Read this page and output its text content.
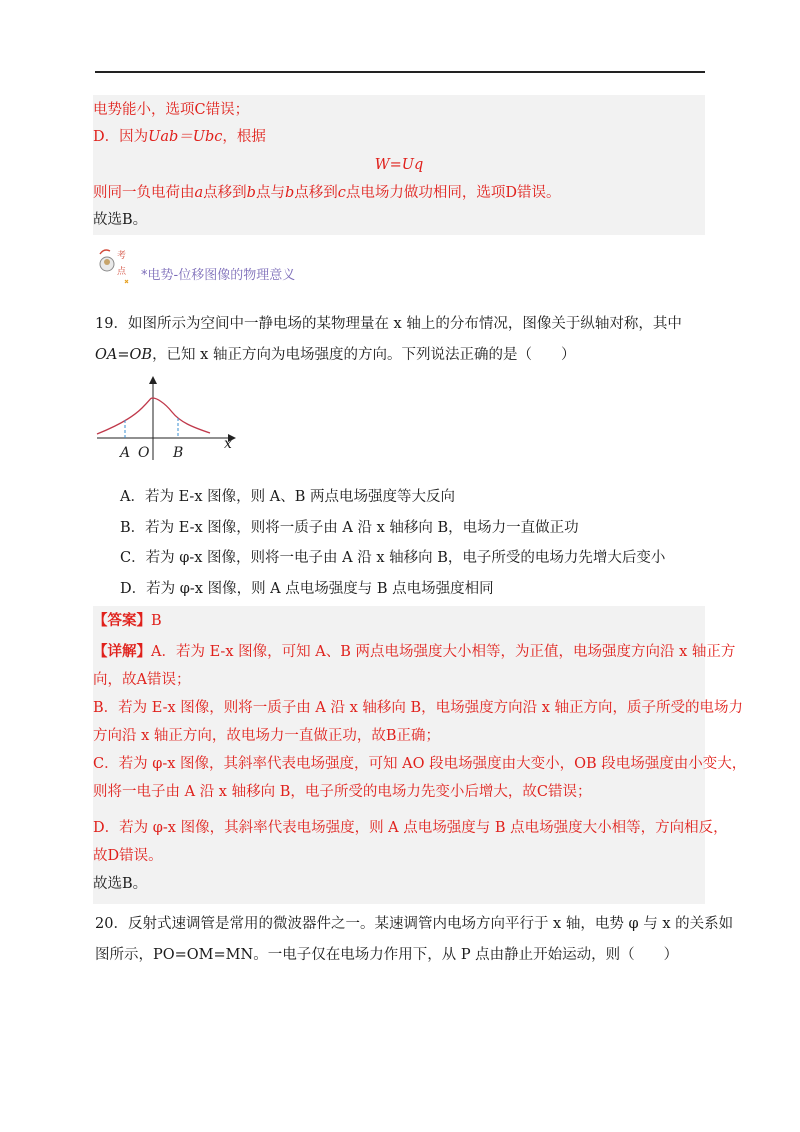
电势能小，选项C错误；
D．因为Uab＝Ubc，根据
W=Uq
则同一负电荷由a点移到b点与b点移到c点电场力做功相同，选项D错误。
故选B。
考
点 *电势-位移图像的物理意义
19．如图所示为空间中一静电场的某物理量在 x 轴上的分布情况，图像关于纵轴对称，其中
OA=OB，已知 x 轴正方向为电场强度的方向。下列说法正确的是（　　）
A O B
x
A．若为 E-x 图像，则 A、B 两点电场强度等大反向
B．若为 E-x 图像，则将一质子由 A 沿 x 轴移向 B，电场力一直做正功
C．若为 φ-x 图像，则将一电子由 A 沿 x 轴移向 B，电子所受的电场力先增大后变小
D．若为 φ-x 图像，则 A 点电场强度与 B 点电场强度相同
【答案】B
【详解】A．若为 E-x 图像，可知 A、B 两点电场强度大小相等，为正值，电场强度方向沿 x 轴正方
向，故A错误；
B．若为 E-x 图像，则将一质子由 A 沿 x 轴移向 B，电场强度方向沿 x 轴正方向，质子所受的电场力
方向沿 x 轴正方向，故电场力一直做正功，故B正确；
C．若为 φ-x 图像，其斜率代表电场强度，可知 AO 段电场强度由大变小，OB 段电场强度由小变大，
则将一电子由 A 沿 x 轴移向 B，电子所受的电场力先变小后增大，故C错误；
D．若为 φ-x 图像，其斜率代表电场强度，则 A 点电场强度与 B 点电场强度大小相等，方向相反，
故D错误。
故选B。
20．反射式速调管是常用的微波器件之一。某速调管内电场方向平行于 x 轴，电势 φ 与 x 的关系如
图所示，PO=OM=MN。一电子仅在电场力作用下，从 P 点由静止开始运动，则（　　）
